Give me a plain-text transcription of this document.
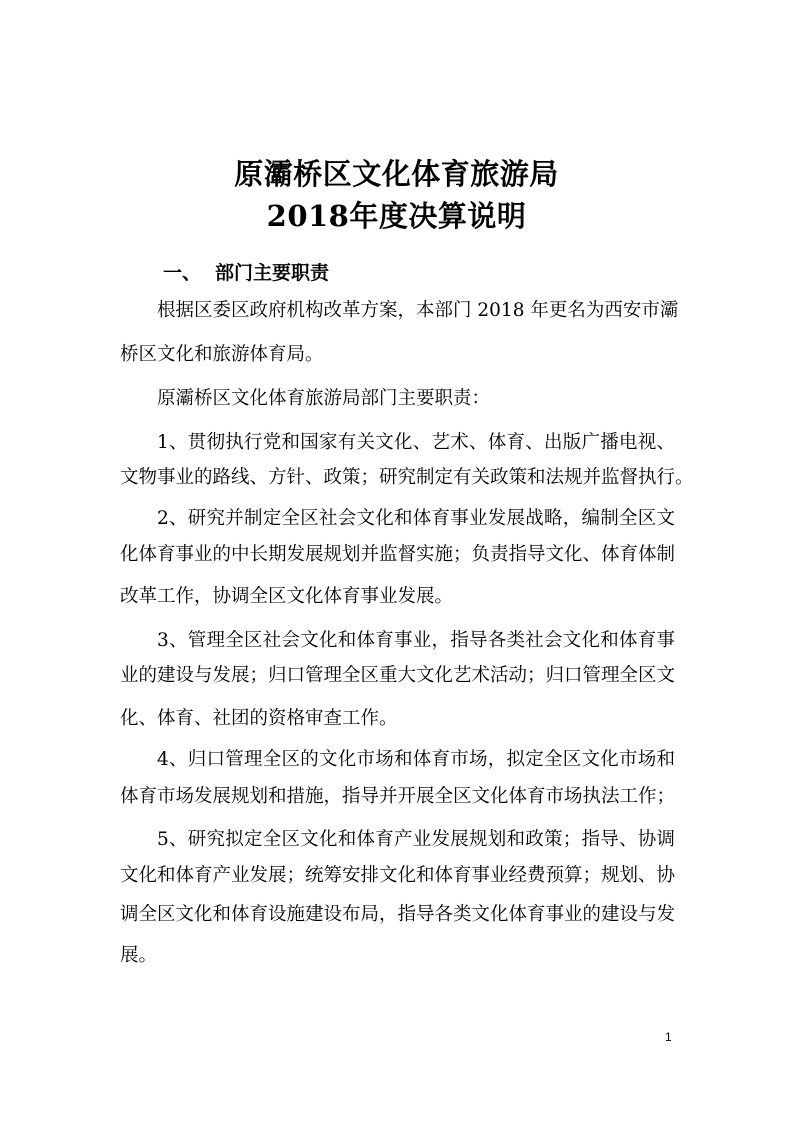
原灞桥区文化体育旅游局
2018年度决算说明
一、 部门主要职责
根据区委区政府机构改革方案，本部门 2018 年更名为西安市灞
桥区文化和旅游体育局。
原灞桥区文化体育旅游局部门主要职责：
1、贯彻执行党和国家有关文化、艺术、体育、出版广播电视、
文物事业的路线、方针、政策；研究制定有关政策和法规并监督执行。
2、研究并制定全区社会文化和体育事业发展战略，编制全区文
化体育事业的中长期发展规划并监督实施；负责指导文化、体育体制
改革工作，协调全区文化体育事业发展。
3、管理全区社会文化和体育事业，指导各类社会文化和体育事
业的建设与发展；归口管理全区重大文化艺术活动；归口管理全区文
化、体育、社团的资格审查工作。
4、归口管理全区的文化市场和体育市场，拟定全区文化市场和
体育市场发展规划和措施，指导并开展全区文化体育市场执法工作；
5、研究拟定全区文化和体育产业发展规划和政策；指导、协调
文化和体育产业发展；统筹安排文化和体育事业经费预算；规划、协
调全区文化和体育设施建设布局，指导各类文化体育事业的建设与发
展。
1
